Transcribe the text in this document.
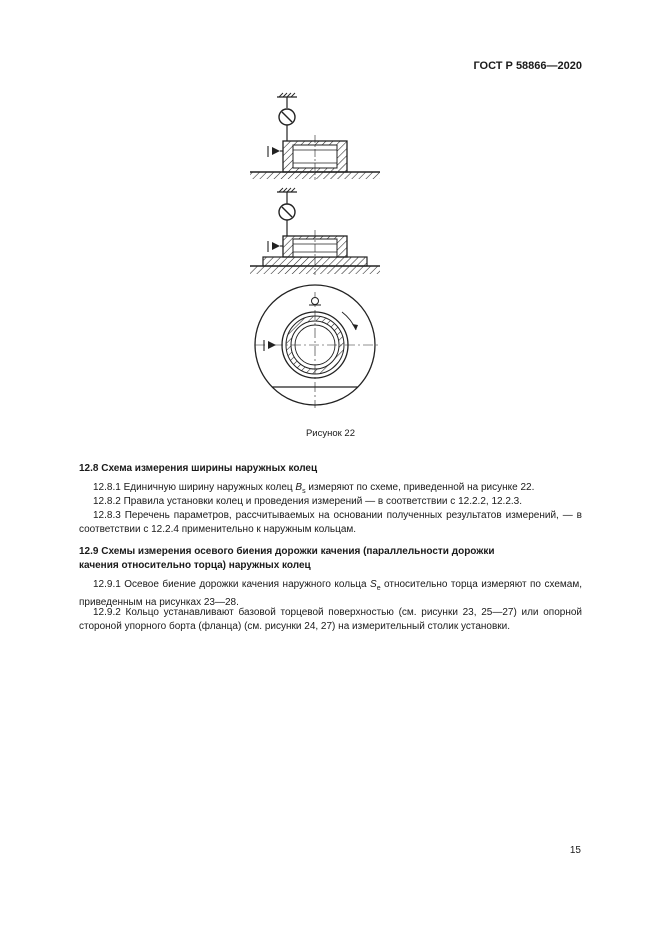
ГОСТ Р 58866—2020
Рисунок 22
12.8 Схема измерения ширины наружных колец
12.8.1 Единичную ширину наружных колец $B_s$ измеряют по схеме, приведенной на рисунке 22.
12.8.2 Правила установки колец и проведения измерений — в соответствии с 12.2.2, 12.2.3.
12.8.3 Перечень параметров, рассчитываемых на основании полученных результатов измерений, — в соответствии с 12.2.4 применительно к наружным кольцам.
12.9 Схемы измерения осевого биения дорожки качения (параллельности дорожки
качения относительно торца) наружных колец
12.9.1 Осевое биение дорожки качения наружного кольца $S_e$ относительно торца измеряют по схемам, приведенным на рисунках 23—28.
12.9.2 Кольцо устанавливают базовой торцевой поверхностью (см. рисунки 23, 25—27) или опорной стороной упорного борта (фланца) (см. рисунки 24, 27) на измерительный столик установки.
15
